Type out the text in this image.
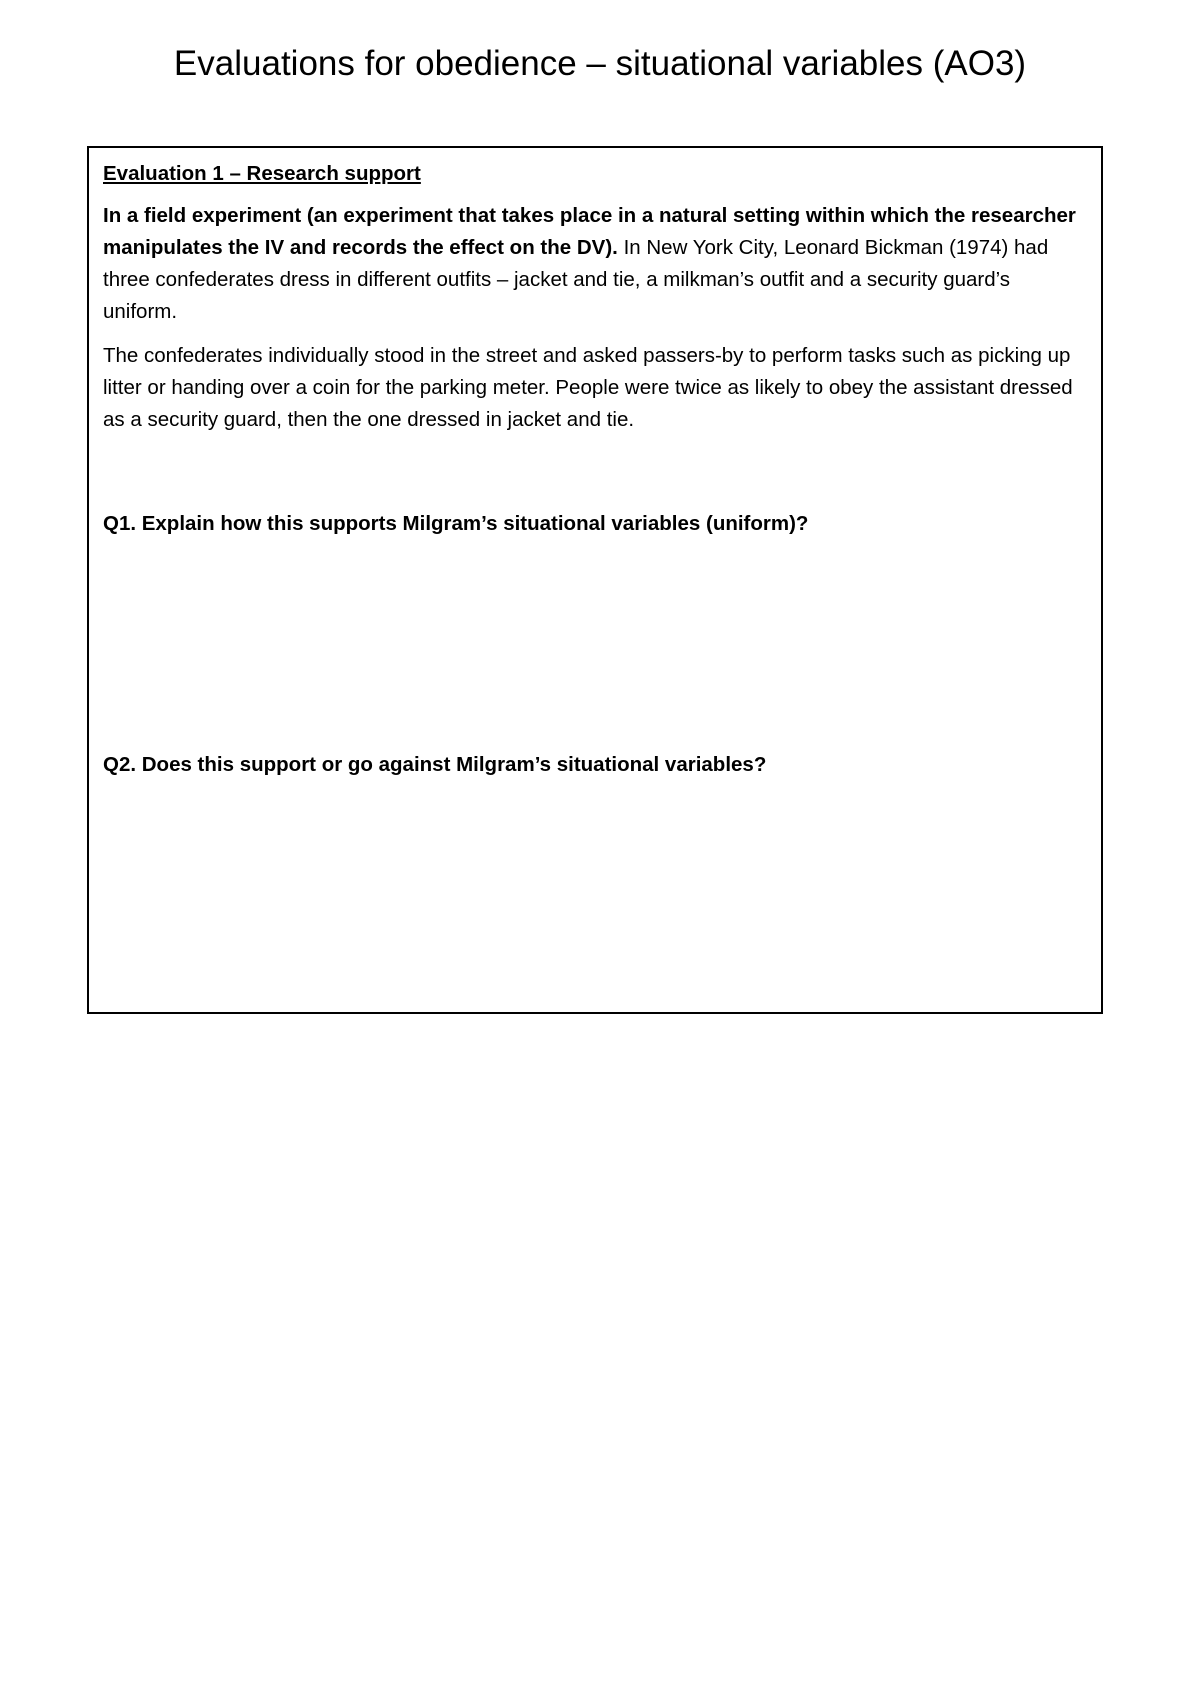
Evaluations for obedience – situational variables (AO3)

Evaluation 1 – Research support

In a field experiment (an experiment that takes place in a natural setting within which the researcher manipulates the IV and records the effect on the DV). In New York City, Leonard Bickman (1974) had three confederates dress in different outfits – jacket and tie, a milkman’s outfit and a security guard’s uniform.

The confederates individually stood in the street and asked passers-by to perform tasks such as picking up litter or handing over a coin for the parking meter. People were twice as likely to obey the assistant dressed as a security guard, then the one dressed in jacket and tie.

Q1. Explain how this supports Milgram’s situational variables (uniform)?

Q2. Does this support or go against Milgram’s situational variables?
